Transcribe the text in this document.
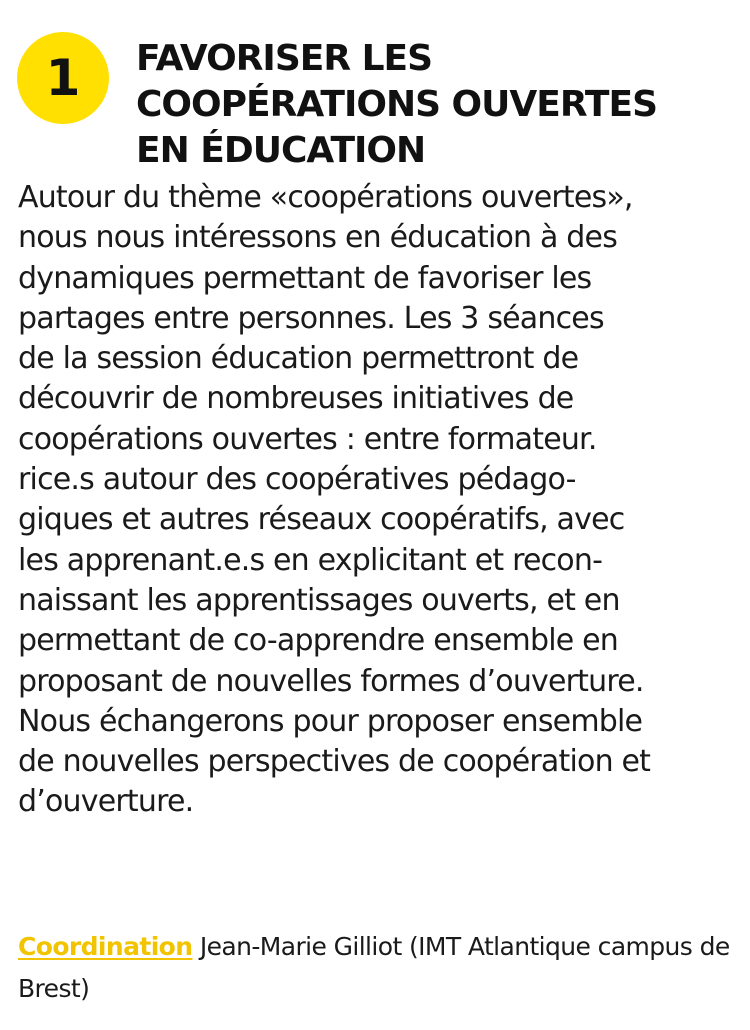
1 FAVORISER LES
COOPÉRATIONS OUVERTES
EN ÉDUCATION

Autour du thème «coopérations ouvertes»,
nous nous intéressons en éducation à des
dynamiques permettant de favoriser les
partages entre personnes. Les 3 séances
de la session éducation permettront de
découvrir de nombreuses initiatives de
coopérations ouvertes : entre formateur.
rice.s autour des coopératives pédago-
giques et autres réseaux coopératifs, avec
les apprenant.e.s en explicitant et recon-
naissant les apprentissages ouverts, et en
permettant de co-apprendre ensemble en
proposant de nouvelles formes d’ouverture.
Nous échangerons pour proposer ensemble
de nouvelles perspectives de coopération et
d’ouverture.

Coordination Jean-Marie Gilliot (IMT Atlantique campus de Brest)
